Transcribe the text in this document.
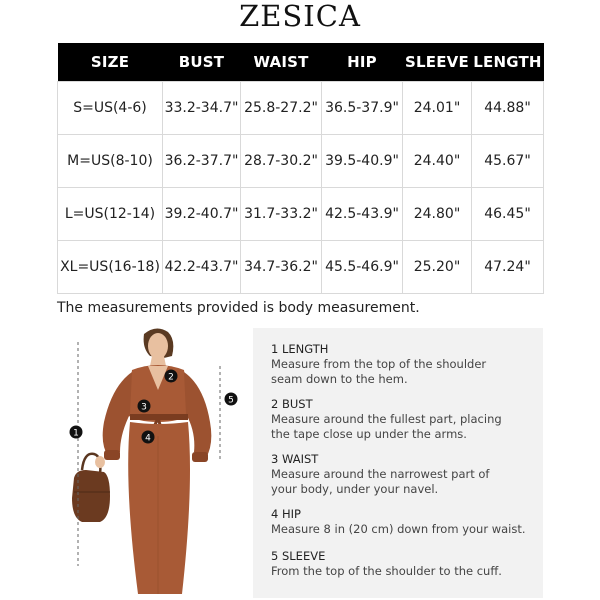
ZESICA
SIZE	BUST	WAIST	HIP	SLEEVE	LENGTH
S=US(4-6)	33.2-34.7"	25.8-27.2"	36.5-37.9"	24.01"	44.88"
M=US(8-10)	36.2-37.7"	28.7-30.2"	39.5-40.9"	24.40"	45.67"
L=US(12-14)	39.2-40.7"	31.7-33.2"	42.5-43.9"	24.80"	46.45"
XL=US(16-18)	42.2-43.7"	34.7-36.2"	45.5-46.9"	25.20"	47.24"
The measurements provided is body measurement.
1
2
3
4
5
1 LENGTH
Measure from the top of the shoulder
seam down to the hem.
2 BUST
Measure around the fullest part, placing
the tape close up under the arms.
3 WAIST
Measure around the narrowest part of
your body, under your navel.
4 HIP
Measure 8 in (20 cm) down from your waist.
5 SLEEVE
From the top of the shoulder to the cuff.
